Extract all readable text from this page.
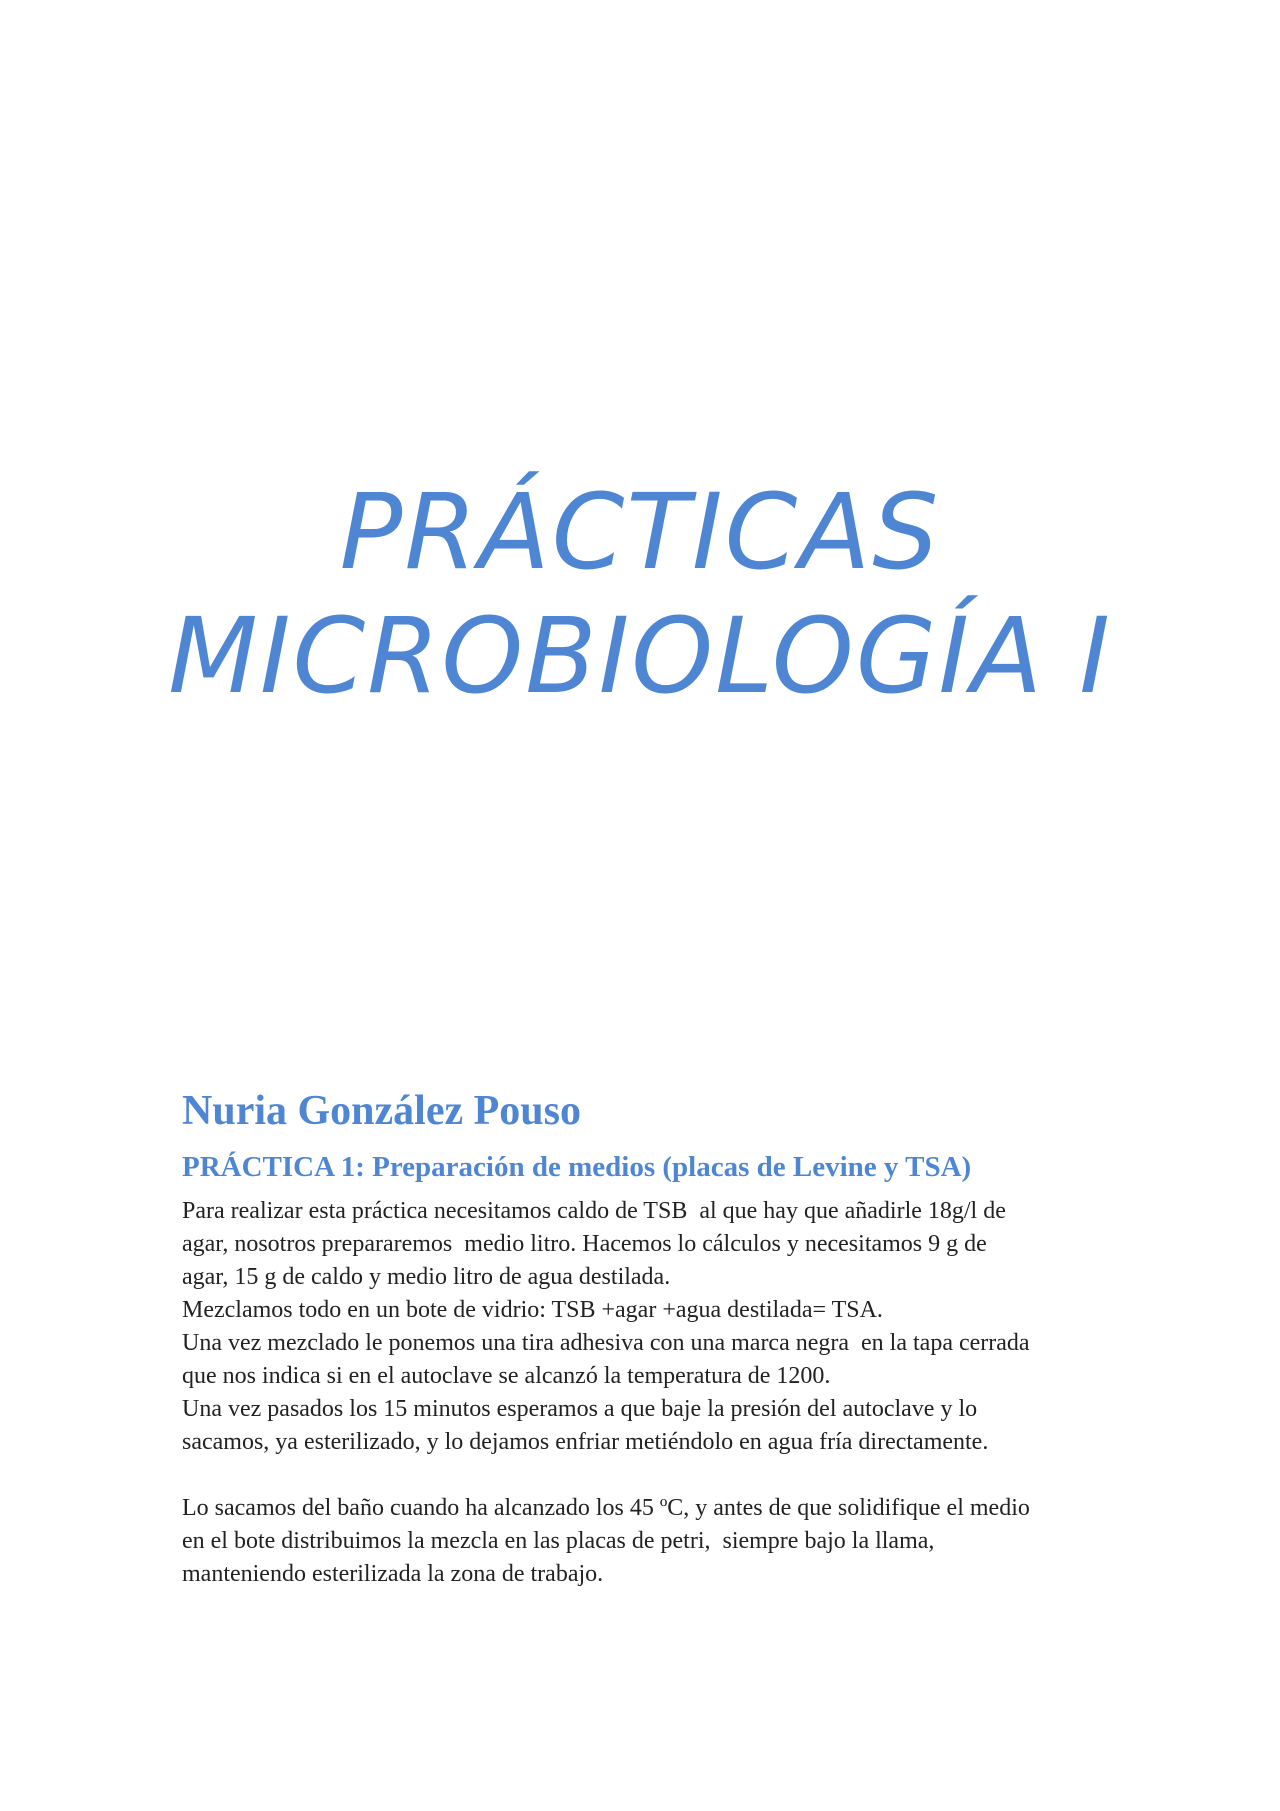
PRÁCTICAS
MICROBIOLOGÍA I
Nuria González Pouso
PRÁCTICA 1: Preparación de medios (placas de Levine y TSA)

Para realizar esta práctica necesitamos caldo de TSB  al que hay que añadirle 18g/l de

agar, nosotros prepararemos  medio litro. Hacemos lo cálculos y necesitamos 9 g de

agar, 15 g de caldo y medio litro de agua destilada.

Mezclamos todo en un bote de vidrio: TSB +agar +agua destilada= TSA.

Una vez mezclado le ponemos una tira adhesiva con una marca negra  en la tapa cerrada

que nos indica si en el autoclave se alcanzó la temperatura de 1200.

Una vez pasados los 15 minutos esperamos a que baje la presión del autoclave y lo

sacamos, ya esterilizado, y lo dejamos enfriar metiéndolo en agua fría directamente.

Lo sacamos del baño cuando ha alcanzado los 45 ºC, y antes de que solidifique el medio

en el bote distribuimos la mezcla en las placas de petri,  siempre bajo la llama,

manteniendo esterilizada la zona de trabajo.
